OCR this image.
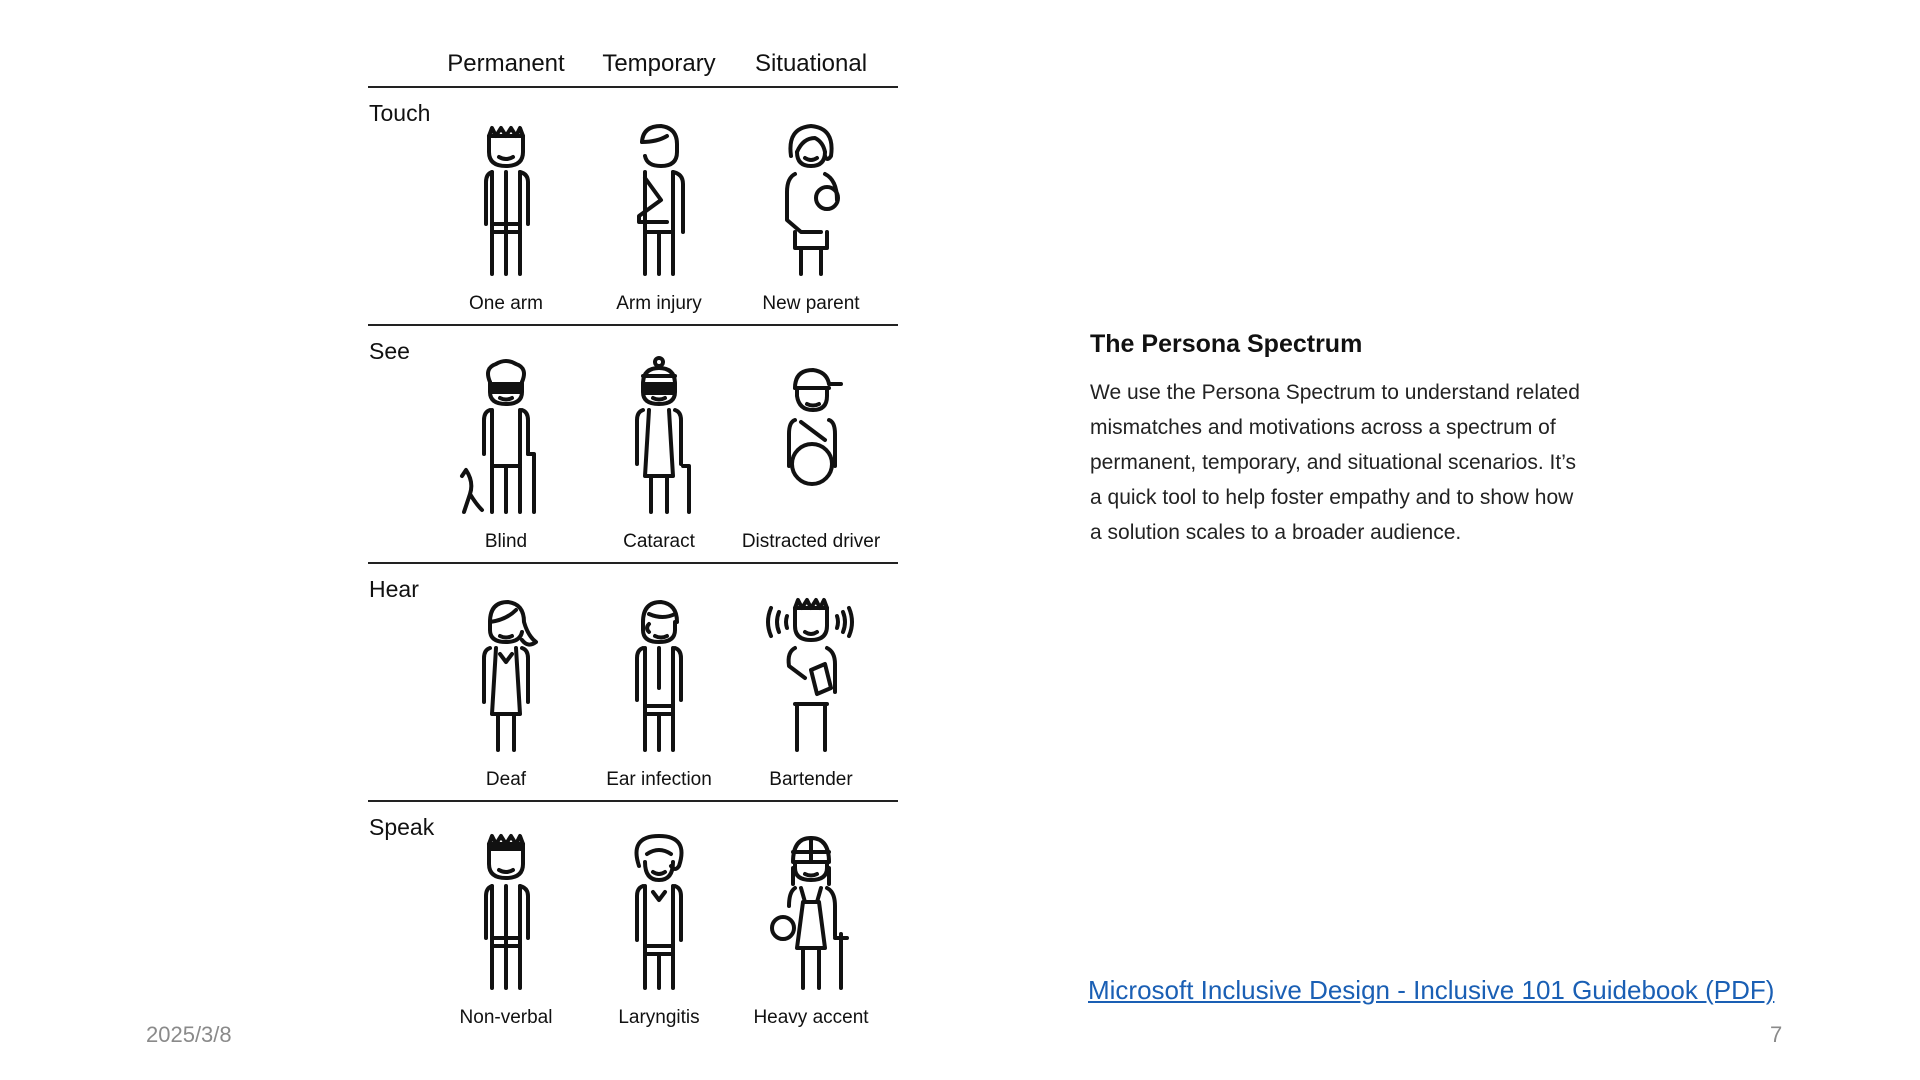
Permanent	Temporary	Situational
Touch
One arm	Arm injury	New parent
See
Blind	Cataract	Distracted driver
Hear
Deaf	Ear infection	Bartender
Speak
Non-verbal	Laryngitis	Heavy accent
The Persona Spectrum

We use the Persona Spectrum to understand related mismatches and motivations across a spectrum of permanent, temporary, and situational scenarios. It’s a quick tool to help foster empathy and to show how a solution scales to a broader audience.

Microsoft Inclusive Design - Inclusive 101 Guidebook (PDF)
2025/3/8	7
